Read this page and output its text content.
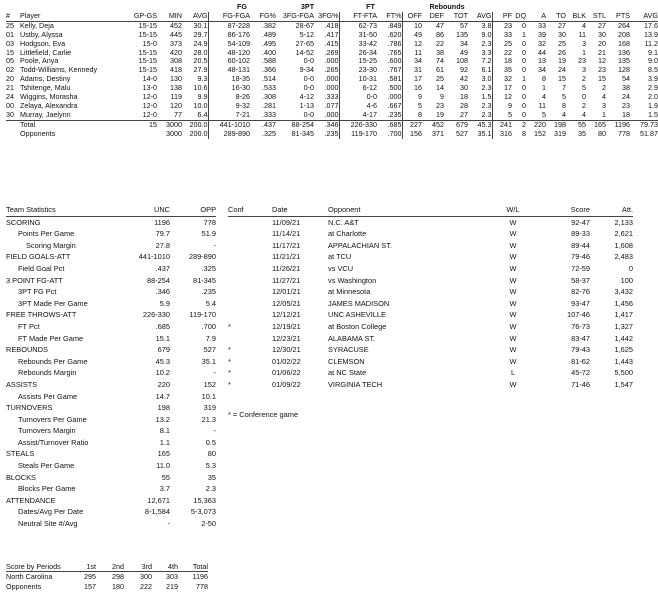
					FG		3PT		FT		Rebounds											
#	Player	GP-GS	MIN	AVG	FG-FGA	FG%	3FG-FGA	3FG%	FT-FTA	FT%	OFF	DEF	TOT	AVG	PF	DQ	A	TO	BLK	STL	PTS	AVG
25	Kelly, Deja	15-15	452	30.1	87-228	.382	28-67	.418	62-73	.849	10	47	57	3.8	23	0	33	27	4	27	264	17.6
01	Ustby, Alyssa	15-15	445	29.7	86-176	.489	5-12	.417	31-50	.620	49	86	135	9.0	33	1	39	30	11	30	208	13.9
03	Hodgson, Eva	15-0	373	24.9	54-109	.495	27-65	.415	33-42	.786	12	22	34	2.3	25	0	32	25	3	20	168	11.2
15	Littlefield, Carlie	15-15	420	28.0	48-120	.400	14-52	.269	26-34	.765	11	38	49	3.3	22	0	44	26	1	21	136	9.1
05	Poole, Anya	15-15	308	20.5	60-102	.588	0-0	.000	15-25	.600	34	74	108	7.2	18	0	13	19	23	12	135	9.0
02	Todd-Williams, Kennedy	15-15	418	27.9	48-131	.366	9-34	.265	23-30	.767	31	61	92	6.1	35	0	34	24	3	23	128	8.5
20	Adams, Destiny	14-0	130	9.3	18-35	.514	0-0	.000	10-31	.581	17	25	42	3.0	32	1	8	15	2	15	54	3.9
21	Tshitenge, Malu	13-0	138	10.6	16-30	.533	0-0	.000	6-12	.500	16	14	30	2.3	17	0	1	7	5	2	38	2.9
24	Wiggins, Morasha	12-0	119	9.9	8-26	.308	4-12	.333	0-0	.000	9	9	18	1.5	12	0	4	5	0	4	24	2.0
00	Zelaya, Alexandra	12-0	120	10.0	9-32	.281	1-13	.077	4-6	.667	5	23	28	2.3	9	0	11	8	2	3	23	1.9
30	Murray, Jaelynn	12-0	77	6.4	7-21	.333	0-0	.000	4-17	.235	8	19	27	2.3	5	0	5	4	4	1	18	1.5
	Total	15	3000	200.0	441-1010	.437	88-254	.346	226-330	.685	227	452	679	45.3	241	2	220	198	55	165	1196	79.73
	Opponents		3000	200.0	289-890	.325	81-345	.235	119-170	.700	156	371	527	35.1	316	8	152	319	35	80	778	51.87
Team Statistics	UNC	OPP
SCORING	1196	778
Points Per Game	79.7	51.9
Scoring Margin	27.8	-
FIELD GOALS-ATT	441-1010	289-890
Field Goal Pct	.437	.325
3 POINT FG-ATT	88-254	81-345
3PT FG Pct	.346	.235
3PT Made Per Game	5.9	5.4
FREE THROWS-ATT	226-330	119-170
FT Pct	.685	.700
FT Made Per Game	15.1	7.9
REBOUNDS	679	527
Rebounds Per Game	45.3	35.1
Rebounds Margin	10.2	-
ASSISTS	220	152
Assists Per Game	14.7	10.1
TURNOVERS	198	319
Turnovers Per Game	13.2	21.3
Turnovers Margin	8.1	-
Assist/Turnover Ratio	1.1	0.5
STEALS	165	80
Steals Per Game	11.0	5.3
BLOCKS	55	35
Blocks Per Game	3.7	2.3
ATTENDANCE	12,671	15,363
Dates/Avg Per Date	8-1,584	5-3,073
Neutral Site #/Avg	-	2-50
Conf	Date	Opponent	W/L	Score	Att.
	11/09/21	N.C. A&T	W	92-47	2,133
	11/14/21	at Charlotte	W	89-33	2,621
	11/17/21	APPALACHIAN ST.	W	89-44	1,608
	11/21/21	at TCU	W	79-46	2,483
	11/26/21	vs VCU	W	72-59	0
	11/27/21	vs Washington	W	58-37	100
	12/01/21	at Minnesota	W	82-76	3,432
	12/05/21	JAMES MADISON	W	93-47	1,456
	12/12/21	UNC ASHEVILLE	W	107-46	1,417
*	12/19/21	at Boston College	W	76-73	1,327
	12/23/21	ALABAMA ST.	W	83-47	1,442
*	12/30/21	SYRACUSE	W	79-43	1,625
*	01/02/22	CLEMSON	W	81-62	1,443
*	01/06/22	at NC State	L	45-72	5,500
*	01/09/22	VIRGINIA TECH	W	71-46	1,547
* = Conference game
Score by Periods	1st	2nd	3rd	4th	Total
North Carolina	295	298	300	303	1196
Opponents	157	180	222	219	778
